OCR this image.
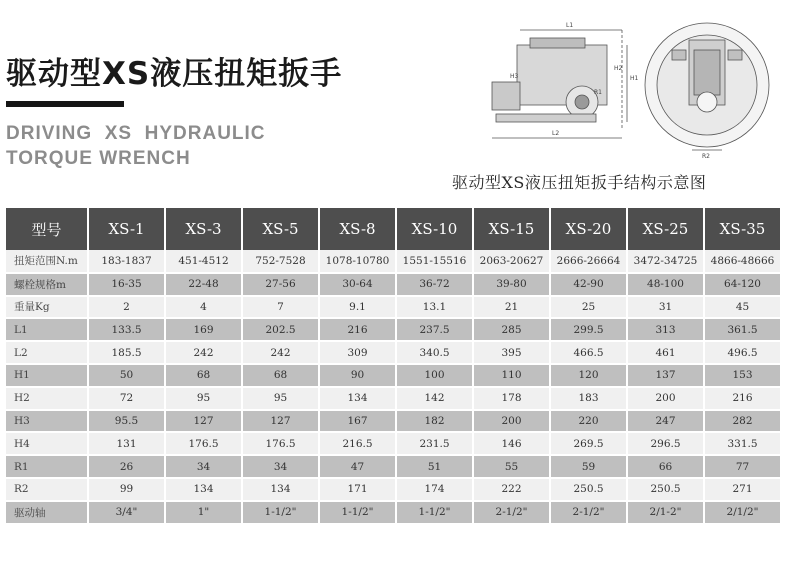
驱动型XS液压扭矩扳手
DRIVING  XS  HYDRAULIC
TORQUE WRENCH
L1
L2
H1
H2
H3
R1
R2
驱动型XS液压扭矩扳手结构示意图
型号	XS-1	XS-3	XS-5	XS-8	XS-10	XS-15	XS-20	XS-25	XS-35
扭矩范围N.m	183-1837	451-4512	752-7528	1078-10780	1551-15516	2063-20627	2666-26664	3472-34725	4866-48666
螺栓规格m	16-35	22-48	27-56	30-64	36-72	39-80	42-90	48-100	64-120
重量Kg	2	4	7	9.1	13.1	21	25	31	45
L1	133.5	169	202.5	216	237.5	285	299.5	313	361.5
L2	185.5	242	242	309	340.5	395	466.5	461	496.5
H1	50	68	68	90	100	110	120	137	153
H2	72	95	95	134	142	178	183	200	216
H3	95.5	127	127	167	182	200	220	247	282
H4	131	176.5	176.5	216.5	231.5	146	269.5	296.5	331.5
R1	26	34	34	47	51	55	59	66	77
R2	99	134	134	171	174	222	250.5	250.5	271
驱动轴	3/4"	1"	1-1/2"	1-1/2"	1-1/2"	2-1/2"	2-1/2"	2/1-2"	2/1/2"
